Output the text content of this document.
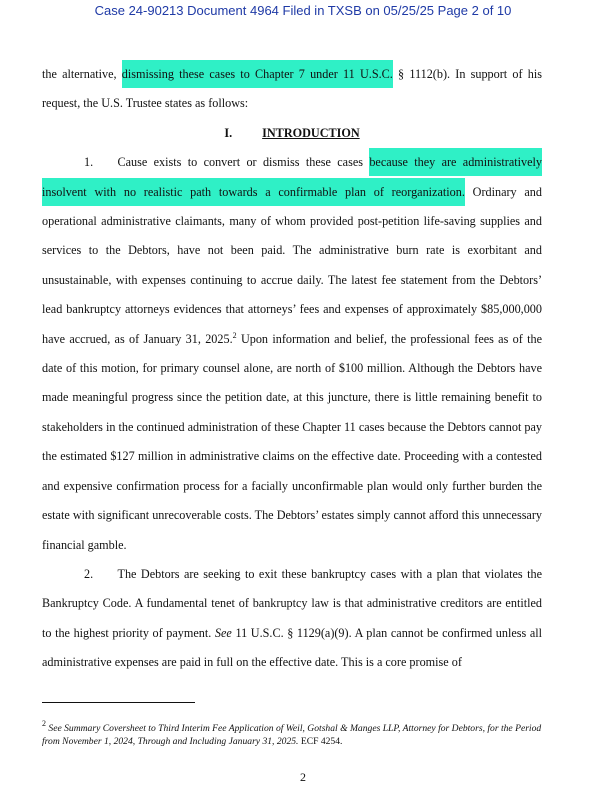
Case 24-90213 Document 4964 Filed in TXSB on 05/25/25 Page 2 of 10

the alternative, dismissing these cases to Chapter 7 under 11 U.S.C. § 1112(b). In support of his request, the U.S. Trustee states as follows:

I. INTRODUCTION

1.   Cause exists to convert or dismiss these cases because they are administratively insolvent with no realistic path towards a confirmable plan of reorganization. Ordinary and operational administrative claimants, many of whom provided post-petition life-saving supplies and services to the Debtors, have not been paid. The administrative burn rate is exorbitant and unsustainable, with expenses continuing to accrue daily. The latest fee statement from the Debtors’ lead bankruptcy attorneys evidences that attorneys’ fees and expenses of approximately $85,000,000 have accrued, as of January 31, 2025.$^2$ Upon information and belief, the professional fees as of the date of this motion, for primary counsel alone, are north of $100 million. Although the Debtors have made meaningful progress since the petition date, at this juncture, there is little remaining benefit to stakeholders in the continued administration of these Chapter 11 cases because the Debtors cannot pay the estimated $127 million in administrative claims on the effective date. Proceeding with a contested and expensive confirmation process for a facially unconfirmable plan would only further burden the estate with significant unrecoverable costs. The Debtors’ estates simply cannot afford this unnecessary financial gamble.

2.   The Debtors are seeking to exit these bankruptcy cases with a plan that violates the Bankruptcy Code. A fundamental tenet of bankruptcy law is that administrative creditors are entitled to the highest priority of payment. See 11 U.S.C. § 1129(a)(9). A plan cannot be confirmed unless all administrative expenses are paid in full on the effective date. This is a core promise of

$^2$ See Summary Coversheet to Third Interim Fee Application of Weil, Gotshal & Manges LLP, Attorney for Debtors, for the Period from November 1, 2024, Through and Including January 31, 2025. ECF 4254.
2
